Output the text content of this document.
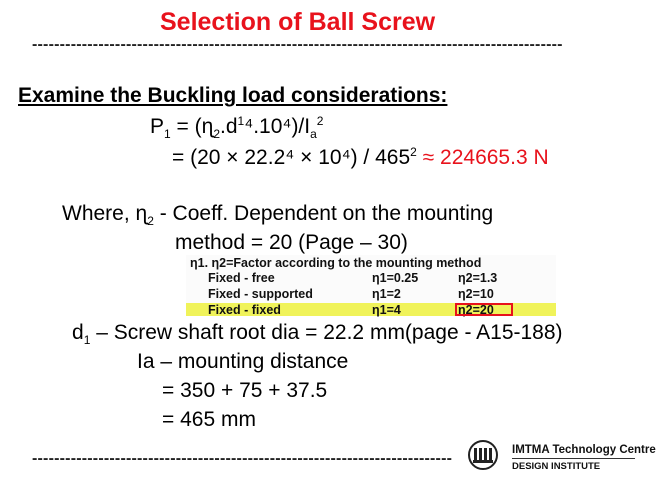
Selection of Ball Screw
------------------------------------------------------------------------------------------------
Examine the Buckling load considerations:
$P_1$ = $(ɳ_2.d^1^4.10^4)/I_a^2$
= $(20 \times 22.2^4 \times 10^4) / 465^2 \approx 224665.3$ N
Where, ɳ$_2$ - Coeff. Dependent on the mounting
method = 20 (Page – 30)
η1. η2=Factor according to the mounting method
Fixed - free	η1=0.25	η2=1.3
Fixed - supported	η1=2	η2=10
Fixed - fixed	η1=4	η2=20
$d_1$ – Screw shaft root dia = 22.2 mm(page - A15-188)
Ia – mounting distance
= 350 + 75 + 37.5
= 465 mm
----------------------------------------------------------------------------	IMTMA Technology Centre
DESIGN INSTITUTE
